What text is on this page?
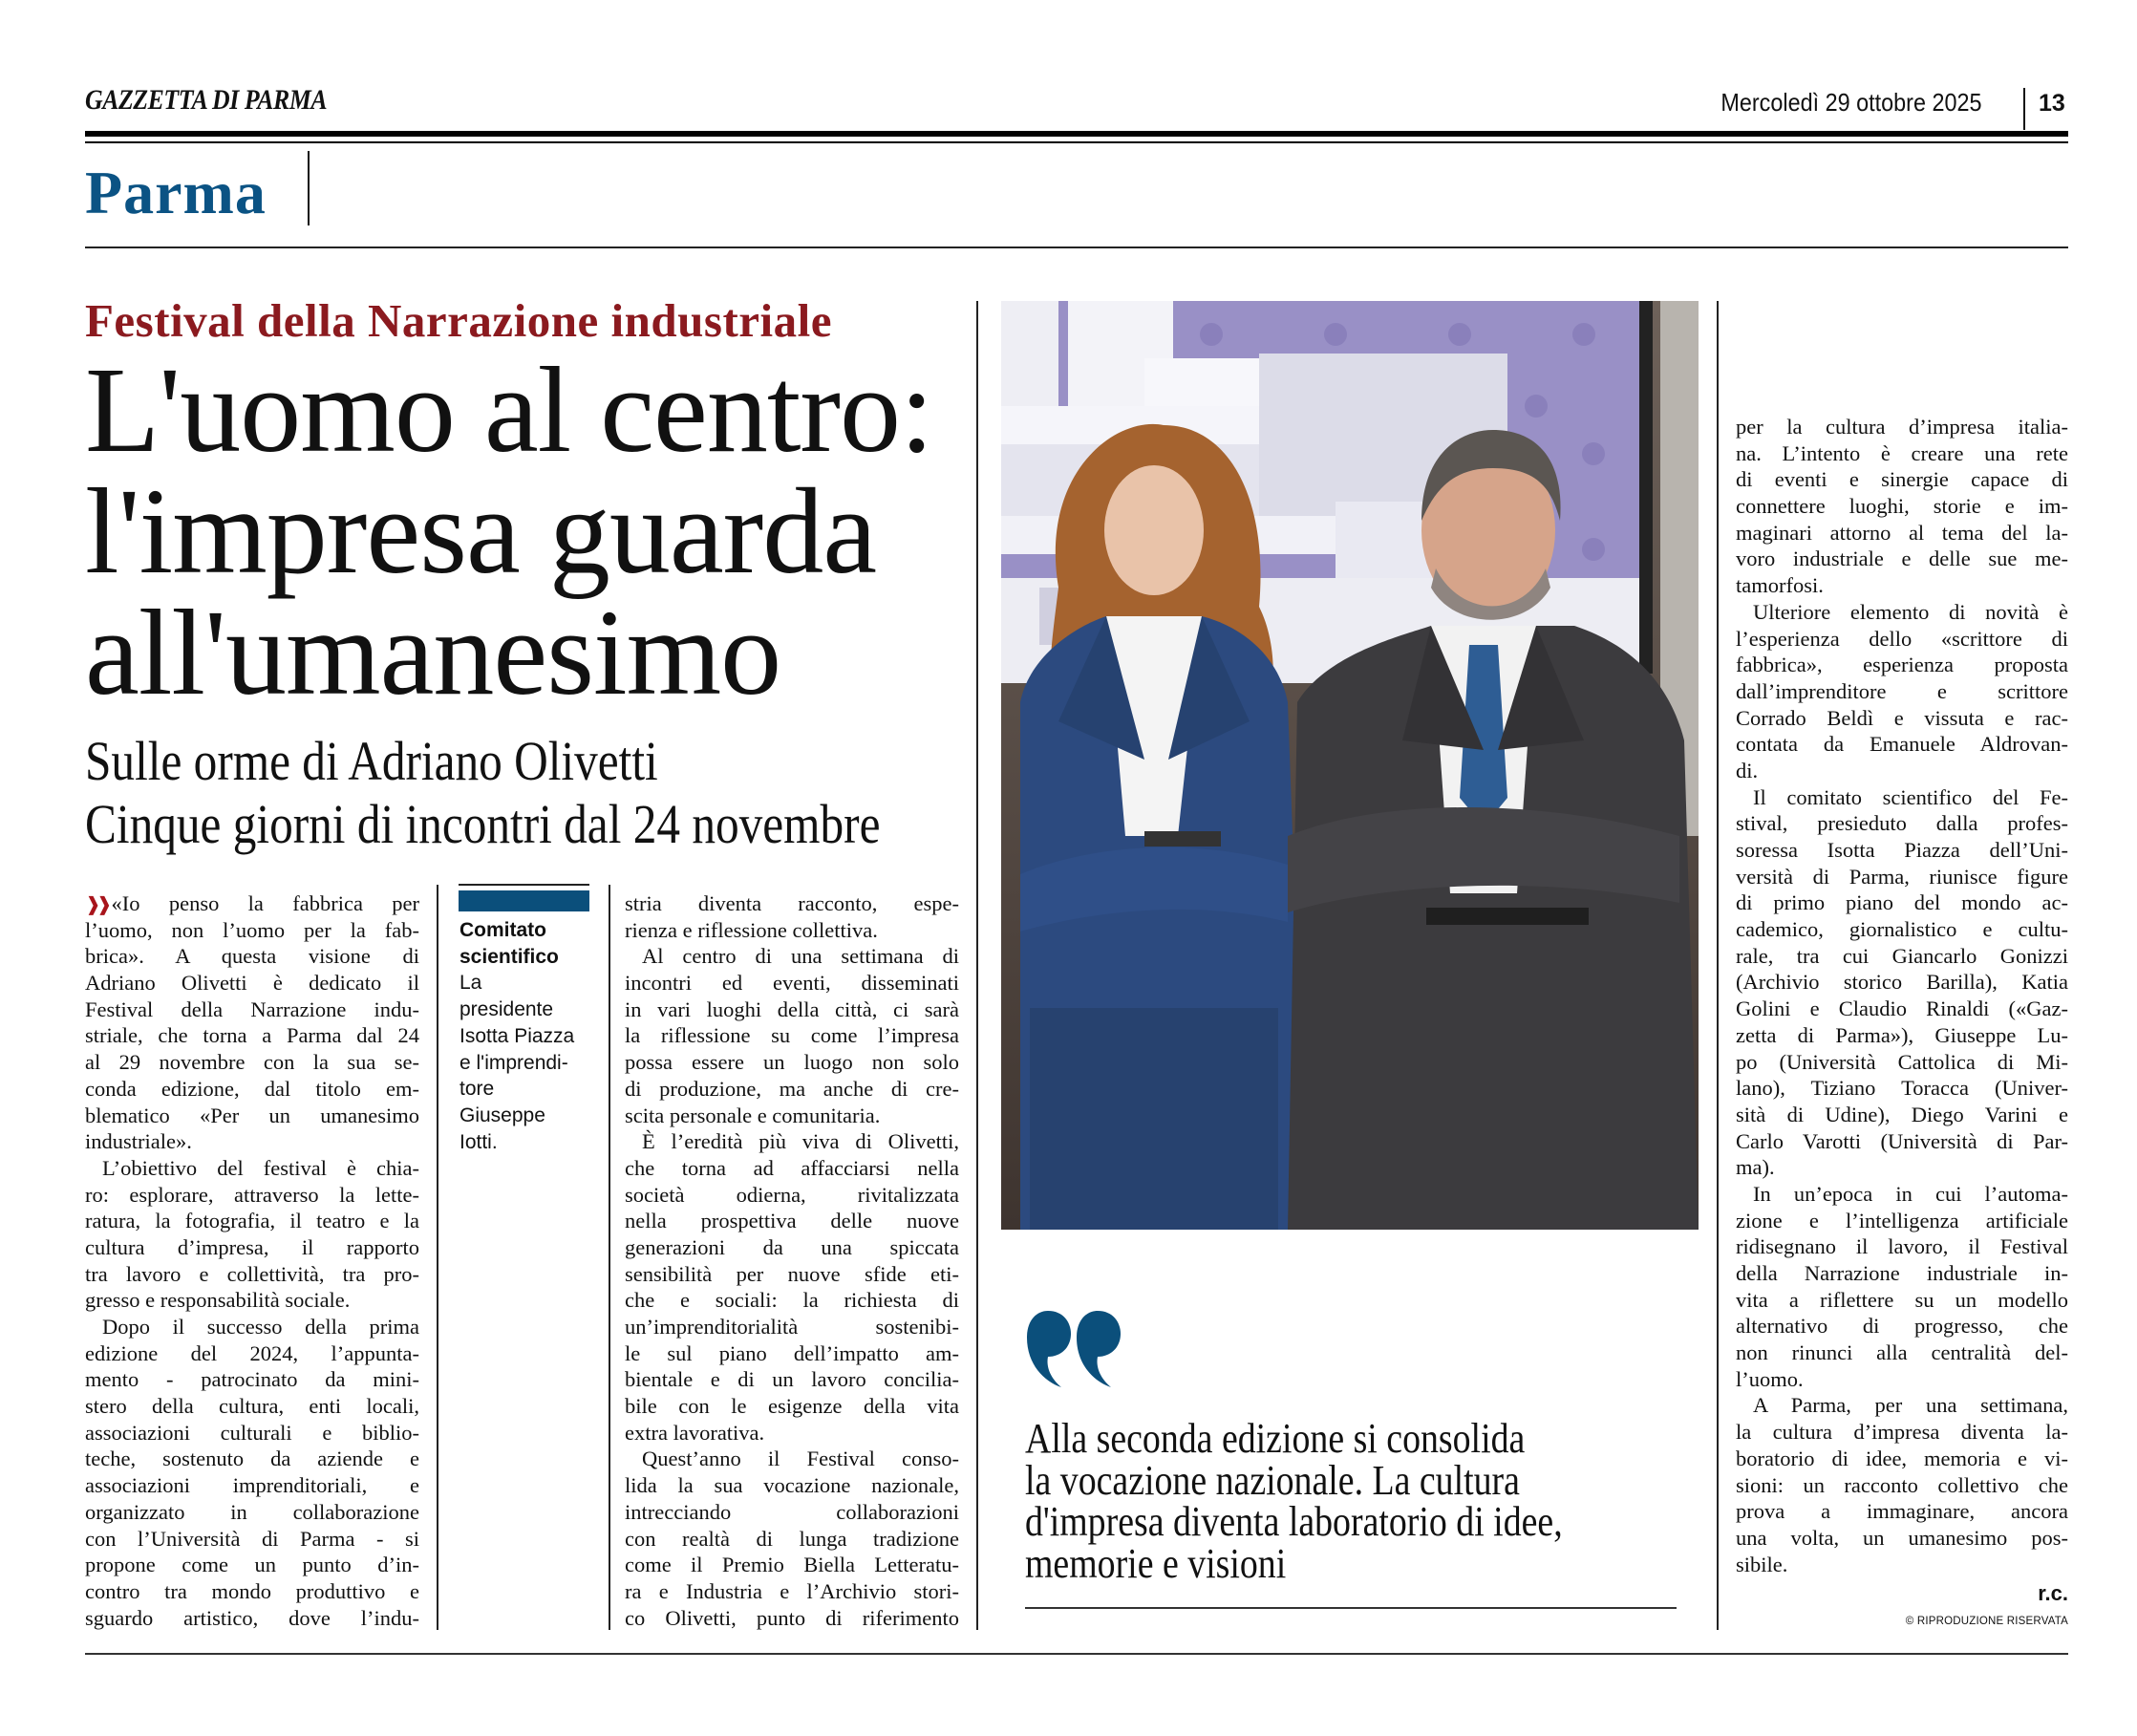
GAZZETTA DI PARMA	Mercoledì 29 ottobre 2025 13
Parma
Festival della Narrazione industriale
L'uomo al centro:
l'impresa guarda
all'umanesimo
Sulle orme di Adriano Olivetti
Cinque giorni di incontri dal 24 novembre
❱❱ «Io penso la fabbrica per
l’uomo, non l’uomo per la fab-
brica». A questa visione di
Adriano Olivetti è dedicato il
Festival della Narrazione indu-
striale, che torna a Parma dal 24
al 29 novembre con la sua se-
conda edizione, dal titolo em-
blematico «Per un umanesimo
industriale».
L’obiettivo del festival è chia-
ro: esplorare, attraverso la lette-
ratura, la fotografia, il teatro e la
cultura d’impresa, il rapporto
tra lavoro e collettività, tra pro-
gresso e responsabilità sociale.
Dopo il successo della prima
edizione del 2024, l’appunta-
mento - patrocinato da mini-
stero della cultura, enti locali,
associazioni culturali e biblio-
teche, sostenuto da aziende e
associazioni imprenditoriali, e
organizzato in collaborazione
con l’Università di Parma - si
propone come un punto d’in-
contro tra mondo produttivo e
sguardo artistico, dove l’indu-
Comitato
scientifico
La
presidente
Isotta Piazza
e l'imprendi-
tore
Giuseppe
Iotti.
stria diventa racconto, espe-
rienza e riflessione collettiva.
Al centro di una settimana di
incontri ed eventi, disseminati
in vari luoghi della città, ci sarà
la riflessione su come l’impresa
possa essere un luogo non solo
di produzione, ma anche di cre-
scita personale e comunitaria.
È l’eredità più viva di Olivetti,
che torna ad affacciarsi nella
società odierna, rivitalizzata
nella prospettiva delle nuove
generazioni da una spiccata
sensibilità per nuove sfide eti-
che e sociali: la richiesta di
un’imprenditorialità sostenibi-
le sul piano dell’impatto am-
bientale e di un lavoro concilia-
bile con le esigenze della vita
extra lavorativa.
Quest’anno il Festival conso-
lida la sua vocazione nazionale,
intrecciando collaborazioni
con realtà di lunga tradizione
come il Premio Biella Letteratu-
ra e Industria e l’Archivio stori-
co Olivetti, punto di riferimento
Alla seconda edizione si consolida
la vocazione nazionale. La cultura
d'impresa diventa laboratorio di idee,
memorie e visioni
per la cultura d’impresa italia-
na. L’intento è creare una rete
di eventi e sinergie capace di
connettere luoghi, storie e im-
maginari attorno al tema del la-
voro industriale e delle sue me-
tamorfosi.
Ulteriore elemento di novità è
l’esperienza dello «scrittore di
fabbrica», esperienza proposta
dall’imprenditore e scrittore
Corrado Beldì e vissuta e rac-
contata da Emanuele Aldrovan-
di.
Il comitato scientifico del Fe-
stival, presieduto dalla profes-
soressa Isotta Piazza dell’Uni-
versità di Parma, riunisce figure
di primo piano del mondo ac-
cademico, giornalistico e cultu-
rale, tra cui Giancarlo Gonizzi
(Archivio storico Barilla), Katia
Golini e Claudio Rinaldi («Gaz-
zetta di Parma»), Giuseppe Lu-
po (Università Cattolica di Mi-
lano), Tiziano Toracca (Univer-
sità di Udine), Diego Varini e
Carlo Varotti (Università di Par-
ma).
In un’epoca in cui l’automa-
zione e l’intelligenza artificiale
ridisegnano il lavoro, il Festival
della Narrazione industriale in-
vita a riflettere su un modello
alternativo di progresso, che
non rinunci alla centralità del-
l’uomo.
A Parma, per una settimana,
la cultura d’impresa diventa la-
boratorio di idee, memoria e vi-
sioni: un racconto collettivo che
prova a immaginare, ancora
una volta, un umanesimo pos-
sibile.
r.c.
© RIPRODUZIONE RISERVATA
